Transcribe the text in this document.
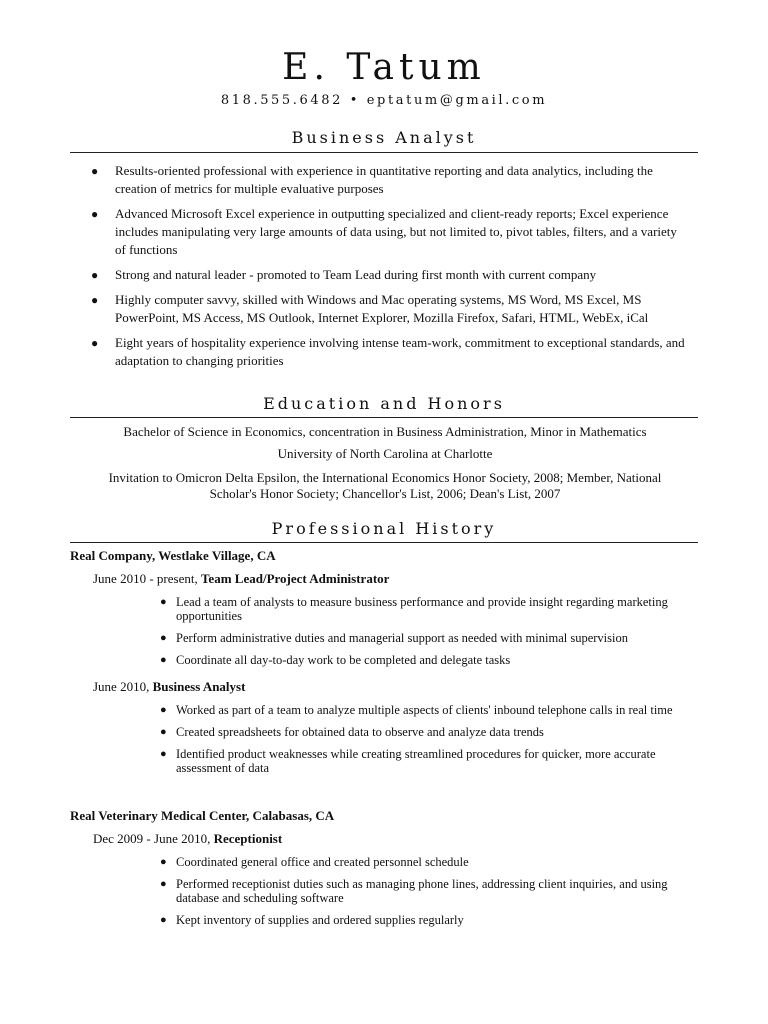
E. Tatum
818.555.6482 • eptatum@gmail.com
Business Analyst
● Results-oriented professional with experience in quantitative reporting and data analytics, including the creation of metrics for multiple evaluative purposes
● Advanced Microsoft Excel experience in outputting specialized and client-ready reports; Excel experience includes manipulating very large amounts of data using, but not limited to, pivot tables, filters, and a variety of functions
● Strong and natural leader - promoted to Team Lead during first month with current company
● Highly computer savvy, skilled with Windows and Mac operating systems, MS Word, MS Excel, MS PowerPoint, MS Access, MS Outlook, Internet Explorer, Mozilla Firefox, Safari, HTML, WebEx, iCal
● Eight years of hospitality experience involving intense team-work, commitment to exceptional standards, and adaptation to changing priorities
Education and Honors
Bachelor of Science in Economics, concentration in Business Administration, Minor in Mathematics
University of North Carolina at Charlotte
Invitation to Omicron Delta Epsilon, the International Economics Honor Society, 2008; Member, National Scholar's Honor Society; Chancellor's List, 2006; Dean's List, 2007
Professional History
Real Company, Westlake Village, CA
June 2010 - present, Team Lead/Project Administrator
● Lead a team of analysts to measure business performance and provide insight regarding marketing opportunities
● Perform administrative duties and managerial support as needed with minimal supervision
● Coordinate all day-to-day work to be completed and delegate tasks
June 2010, Business Analyst
● Worked as part of a team to analyze multiple aspects of clients' inbound telephone calls in real time
● Created spreadsheets for obtained data to observe and analyze data trends
● Identified product weaknesses while creating streamlined procedures for quicker, more accurate assessment of data
Real Veterinary Medical Center, Calabasas, CA
Dec 2009 - June 2010, Receptionist
● Coordinated general office and created personnel schedule
● Performed receptionist duties such as managing phone lines, addressing client inquiries, and using database and scheduling software
● Kept inventory of supplies and ordered supplies regularly
